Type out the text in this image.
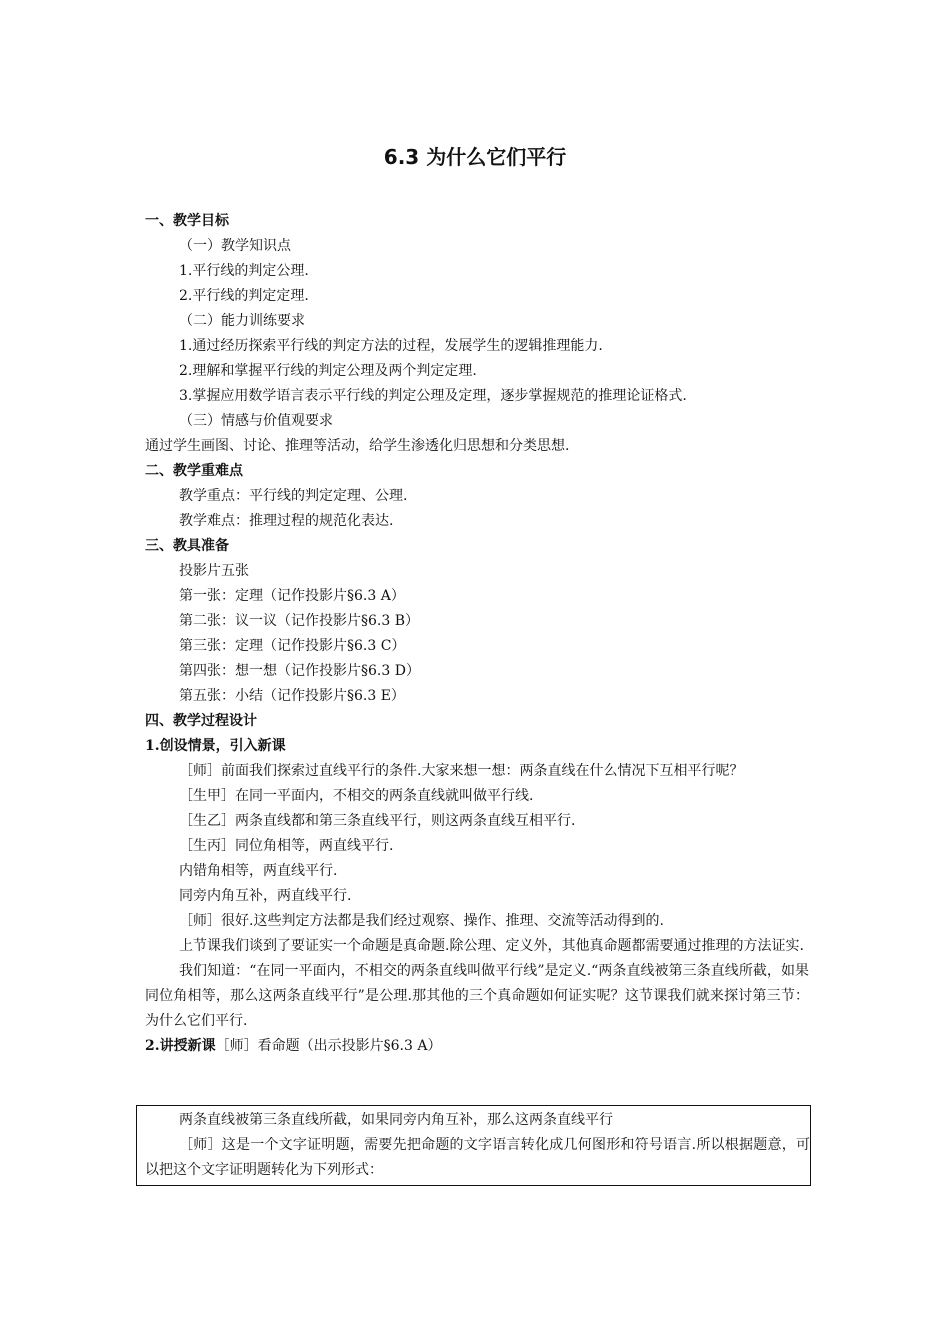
6.3 为什么它们平行

一、教学目标

（一）教学知识点

1.平行线的判定公理.

2.平行线的判定定理.

（二）能力训练要求

1.通过经历探索平行线的判定方法的过程，发展学生的逻辑推理能力.

2.理解和掌握平行线的判定公理及两个判定定理.

3.掌握应用数学语言表示平行线的判定公理及定理，逐步掌握规范的推理论证格式.

（三）情感与价值观要求

通过学生画图、讨论、推理等活动，给学生渗透化归思想和分类思想.

二、教学重难点

教学重点：平行线的判定定理、公理.

教学难点：推理过程的规范化表达.

三、教具准备

投影片五张

第一张：定理（记作投影片§6.3 A）

第二张：议一议（记作投影片§6.3 B）

第三张：定理（记作投影片§6.3 C）

第四张：想一想（记作投影片§6.3 D）

第五张：小结（记作投影片§6.3 E）

四、教学过程设计

1.创设情景，引入新课

［师］前面我们探索过直线平行的条件.大家来想一想：两条直线在什么情况下互相平行呢？

［生甲］在同一平面内，不相交的两条直线就叫做平行线.

［生乙］两条直线都和第三条直线平行，则这两条直线互相平行.

［生丙］同位角相等，两直线平行.

内错角相等，两直线平行.

同旁内角互补，两直线平行.

［师］很好.这些判定方法都是我们经过观察、操作、推理、交流等活动得到的.

上节课我们谈到了要证实一个命题是真命题.除公理、定义外，其他真命题都需要通过推理的方法证实.

我们知道：“在同一平面内，不相交的两条直线叫做平行线”是定义.“两条直线被第三条直线所截，如果同位角相等，那么这两条直线平行”是公理.那其他的三个真命题如何证实呢？这节课我们就来探讨第三节：为什么它们平行.

2.讲授新课［师］看命题（出示投影片§6.3 A）

两条直线被第三条直线所截，如果同旁内角互补，那么这两条直线平行

［师］这是一个文字证明题，需要先把命题的文字语言转化成几何图形和符号语言.所以根据题意，可以把这个文字证明题转化为下列形式：
